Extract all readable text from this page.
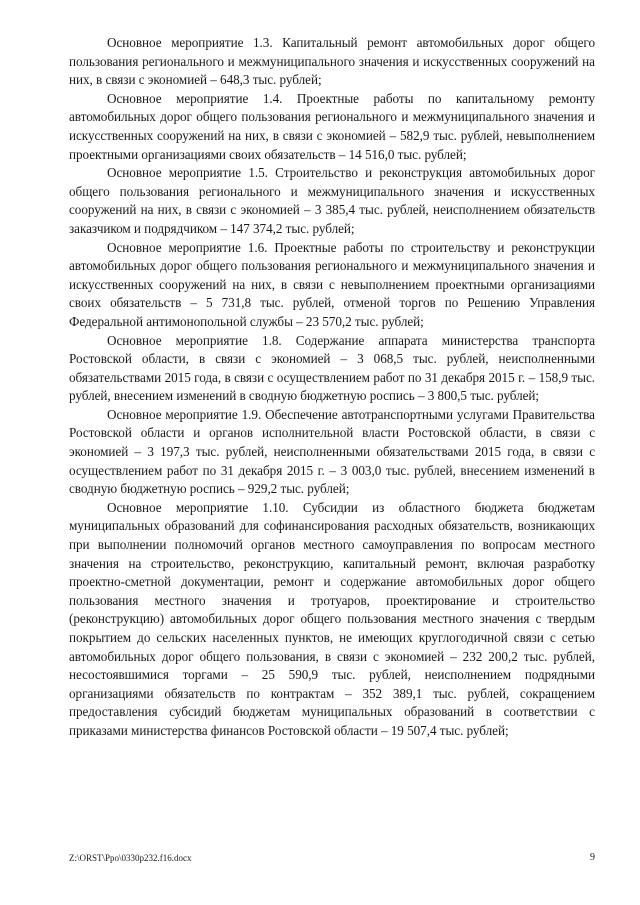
Основное мероприятие 1.3. Капитальный ремонт автомобильных дорог общего пользования регионального и межмуниципального значения и искусственных сооружений на них, в связи с экономией – 648,3 тыс. рублей;

Основное мероприятие 1.4. Проектные работы по капитальному ремонту автомобильных дорог общего пользования регионального и межмуниципального значения и искусственных сооружений на них, в связи с экономией – 582,9 тыс. рублей, невыполнением проектными организациями своих обязательств – 14 516,0 тыс. рублей;

Основное мероприятие 1.5. Строительство и реконструкция автомобильных дорог общего пользования регионального и межмуниципального значения и искусственных сооружений на них, в связи с экономией – 3 385,4 тыс. рублей, неисполнением обязательств заказчиком и подрядчиком – 147 374,2 тыс. рублей;

Основное мероприятие 1.6. Проектные работы по строительству и реконструкции автомобильных дорог общего пользования регионального и межмуниципального значения и искусственных сооружений на них, в связи с невыполнением проектными организациями своих обязательств – 5 731,8 тыс. рублей, отменой торгов по Решению Управления Федеральной антимонопольной службы – 23 570,2 тыс. рублей;

Основное мероприятие 1.8. Содержание аппарата министерства транспорта Ростовской области, в связи с экономией – 3 068,5 тыс. рублей, неисполненными обязательствами 2015 года, в связи с осуществлением работ по 31 декабря 2015 г. – 158,9 тыс. рублей, внесением изменений в сводную бюджетную роспись – 3 800,5 тыс. рублей;

Основное мероприятие 1.9. Обеспечение автотранспортными услугами Правительства Ростовской области и органов исполнительной власти Ростовской области, в связи с экономией – 3 197,3 тыс. рублей, неисполненными обязательствами 2015 года, в связи с осуществлением работ по 31 декабря 2015 г. – 3 003,0 тыс. рублей, внесением изменений в сводную бюджетную роспись – 929,2 тыс. рублей;

Основное мероприятие 1.10. Субсидии из областного бюджета бюджетам муниципальных образований для софинансирования расходных обязательств, возникающих при выполнении полномочий органов местного самоуправления по вопросам местного значения на строительство, реконструкцию, капитальный ремонт, включая разработку проектно-сметной документации, ремонт и содержание автомобильных дорог общего пользования местного значения и тротуаров, проектирование и строительство (реконструкцию) автомобильных дорог общего пользования местного значения с твердым покрытием до сельских населенных пунктов, не имеющих круглогодичной связи с сетью автомобильных дорог общего пользования, в связи с экономией – 232 200,2 тыс. рублей, несостоявшимися торгами – 25 590,9 тыс. рублей, неисполнением подрядными организациями обязательств по контрактам – 352 389,1 тыс. рублей, сокращением предоставления субсидий бюджетам муниципальных образований в соответствии с приказами министерства финансов Ростовской области – 19 507,4 тыс. рублей;

Z:\ORST\Ppo\0330p232.f16.docx	9
